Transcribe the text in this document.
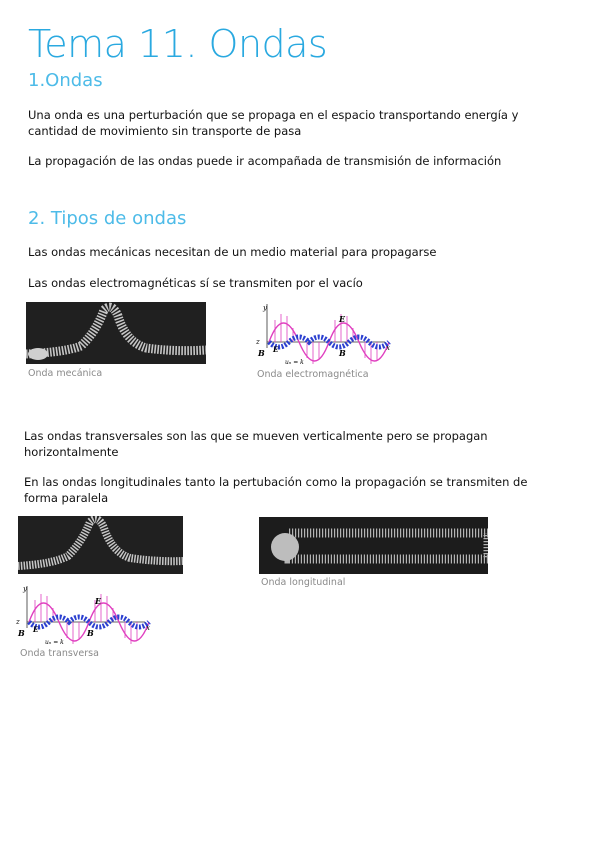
Tema 11. Ondas
1.Ondas
Una onda es una perturbación que se propaga en el espacio transportando energía y cantidad de movimiento sin transporte de pasa
La propagación de las ondas puede ir acompañada de transmisión de información
2. Tipos de ondas
Las ondas mecánicas necesitan de un medio material para propagarse
Las ondas electromagnéticas sí se transmiten por el vacío
Onda mecánica
y
z
B E
E
B
uₙ = k
x
Onda electromagnética
Las ondas transversales son las que se mueven verticalmente pero se propagan horizontalmente
En las ondas longitudinales tanto la pertubación como la propagación se transmiten de forma paralela
Onda longitudinal
y
z
B E
E
B
uₙ = k
x
Onda transversa
